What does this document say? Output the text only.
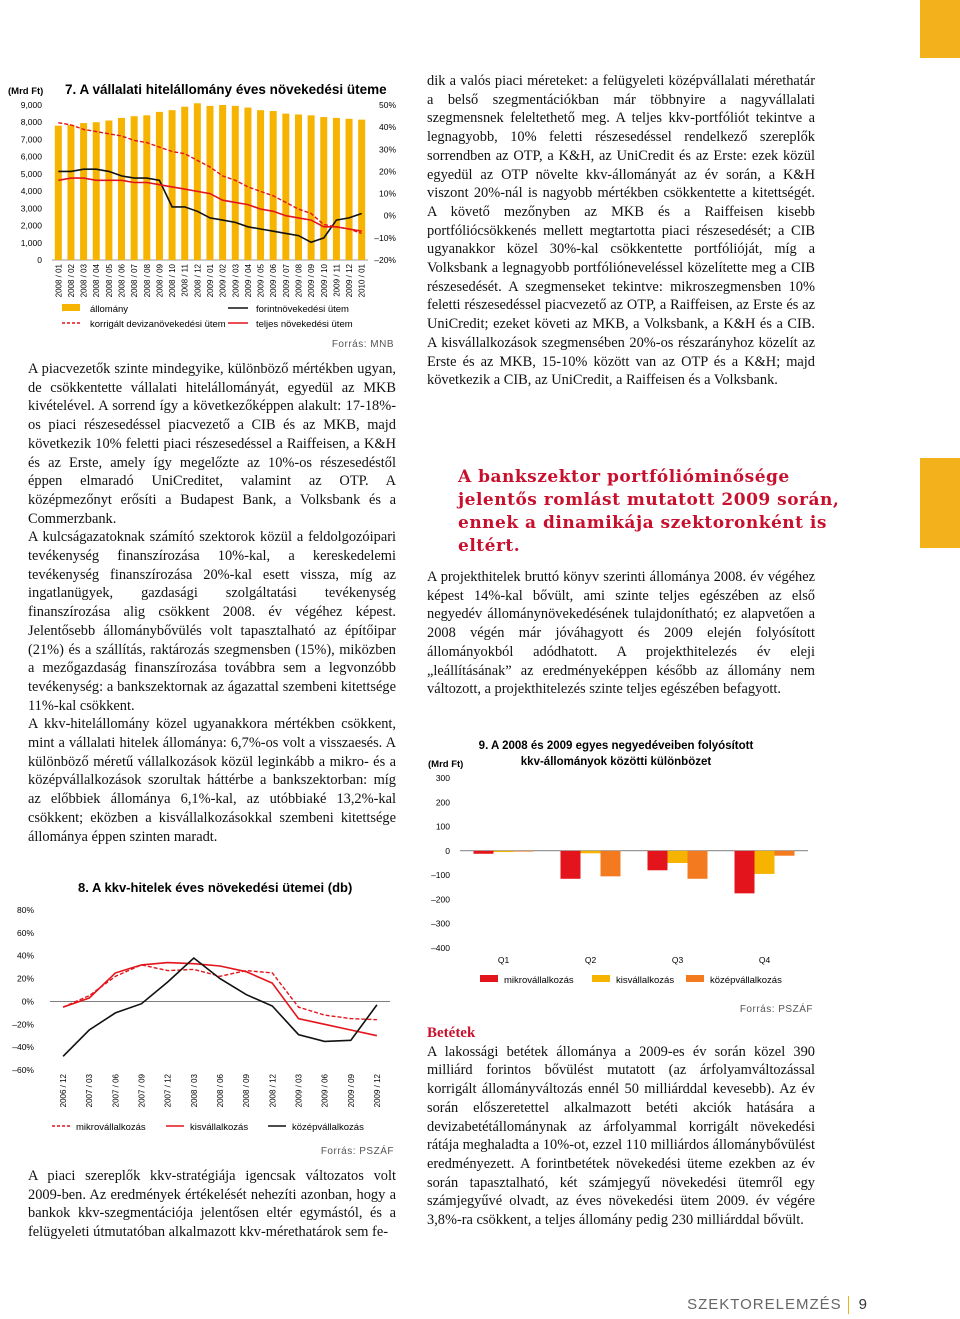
7. A vállalati hitelállomány éves növekedési üteme
(Mrd Ft)
0
1,000
2,000
3,000
4,000
5,000
6,000
7,000
8,000
9,000
–20%
–10%
0%
10%
20%
30%
40%
50%
2008 / 01 2008 / 02 2008 / 03 2008 / 04 2008 / 05 2008 / 06 2008 / 07 2008 / 08 2008 / 09 2008 / 10 2008 / 11 2008 / 12 2009 / 01 2009 / 02 2009 / 03 2009 / 04 2009 / 05 2009 / 06 2009 / 07 2009 / 08 2009 / 09 2009 / 10 2009 / 11 2009 / 12 2010 / 01
állomány	forintnövekedési ütem
korrigált devizanövekedési ütem	teljes növekedési ütem
Forrás: MNB

A piacvezetők szinte mindegyike, különböző mértékben ugyan, de csökkentette vállalati hitelállományát, egyedül az MKB kivételével. A sorrend így a következőképpen alakult: 17-18%-os piaci részesedéssel piacvezető a CIB és az MKB, majd következik 10% feletti piaci részesedéssel a Raiffeisen, a K&H és az Erste, amely így megelőzte az 10%-os részesedéstől éppen elmaradó UniCreditet, valamint az OTP. A középmezőnyt erősíti a Budapest Bank, a Volksbank és a Commerzbank.

A kulcságazatoknak számító szektorok közül a feldolgozóipari tevékenység finanszírozása 10%-kal, a kereskedelemi tevékenység finanszírozása 20%-kal esett vissza, míg az ingatlanügyek, gazdasági szolgáltatási tevékenység finanszírozása alig csökkent 2008. év végéhez képest. Jelentősebb állománybővülés volt tapasztalható az építőipar (21%) és a szállítás, raktározás szegmensben (15%), miközben a mezőgazdaság finanszírozása továbbra sem a legvonzóbb tevékenység: a bankszektornak az ágazattal szembeni kitettsége 11%-kal csökkent.

A kkv-hitelállomány közel ugyanakkora mértékben csökkent, mint a vállalati hitelek állománya: 6,7%-os volt a visszaesés. A különböző méretű vállalkozások közül leginkább a mikro- és a középvállalkozások szorultak háttérbe a bankszektorban: míg az előbbiek állománya 6,1%-kal, az utóbbiaké 13,2%-kal csökkent; eközben a kisvállalkozásokkal szembeni kitettsége állománya éppen szinten maradt.

8. A kkv-hitelek éves növekedési ütemei (db)
–60%
–40%
–20%
0%
20%
40%
60%
80%
2006 / 12 2007 / 03 2007 / 06 2007 / 09 2007 / 12 2008 / 03 2008 / 06 2008 / 09 2008 / 12 2009 / 03 2009 / 06 2009 / 09 2009 / 12
mikrovállalkozás	kisvállalkozás	középvállalkozás
Forrás: PSZÁF

A piaci szereplők kkv-stratégiája igencsak változatos volt 2009-ben. Az eredmények értékelését nehezíti azonban, hogy a bankok kkv-szegmentációja jelentősen eltér egymástól, és a felügyeleti útmutatóban alkalmazott kkv-mérethatárok sem fe-

dik a valós piaci méreteket: a felügyeleti középvállalati mérethatár a belső szegmentációkban már többnyire a nagyvállalati szegmensnek feleltethető meg. A teljes kkv-portfóliót tekintve a legnagyobb, 10% feletti részesedéssel rendelkező szereplők sorrendben az OTP, a K&H, az UniCredit és az Erste: ezek közül egyedül az OTP növelte kkv-állományát az év során, a K&H viszont 20%-nál is nagyobb mértékben csökkentette a kitettségét. A követő mezőnyben az MKB és a Raiffeisen kisebb portfóliócsökkenés mellett megtartotta piaci részesedését; a CIB ugyanakkor közel 30%-kal csökkentette portfólióját, míg a Volksbank a legnagyobb portfólióneveléssel közelítette meg a CIB részesedését. A szegmenseket tekintve: mikroszegmensben 10% feletti részesedéssel piacvezető az OTP, a Raiffeisen, az Erste és az UniCredit; ezeket követi az MKB, a Volksbank, a K&H és a CIB. A kisvállalkozások szegmensében 20%-os részarányhoz közelít az Erste és az MKB, 15-10% között van az OTP és a K&H; majd következik a CIB, az UniCredit, a Raiffeisen és a Volksbank.

A bankszektor portfólióminősége jelentős romlást mutatott 2009 során, ennek a dinamikája szektoronként is eltért.

A projekthitelek bruttó könyv szerinti állománya 2008. év végéhez képest 14%-kal bővült, ami szinte teljes egészében az első negyedév állománynövekedésének tulajdonítható; ez alapvetően a 2008 végén már jóváhagyott és 2009 elején folyósított állományokból adódhatott. A projekthitelezés év eleji „leállításának” az eredményeképpen később az állomány nem változott, a projekthitelezés szinte teljes egészében befagyott.

9. A 2008 és 2009 egyes negyedéveiben folyósított
kkv-állományok közötti különbözet
(Mrd Ft)
–400
–300
–200
–100
0
100
200
300
Q1	Q2	Q3	Q4
mikrovállalkozás	kisvállalkozás	középvállalkozás
Forrás: PSZÁF

Betétek

A lakossági betétek állománya a 2009-es év során közel 390 milliárd forintos bővülést mutatott (az árfolyamváltozással korrigált állományváltozás ennél 50 milliárddal kevesebb). Az év során előszeretettel alkalmazott betéti akciók hatására a devizabetétállománynak az árfolyammal korrigált növekedési rátája meghaladta a 10%-ot, ezzel 110 milliárdos állománybővülést eredményezett. A forintbetétek növekedési üteme ezekben az év során tapasztalható, két számjegyű növekedési ütemről egy számjegyűvé olvadt, az éves növekedési ütem 2009. év végére 3,8%-ra csökkent, a teljes állomány pedig 230 milliárddal bővült.

SZEKTORELEMZÉS 9
